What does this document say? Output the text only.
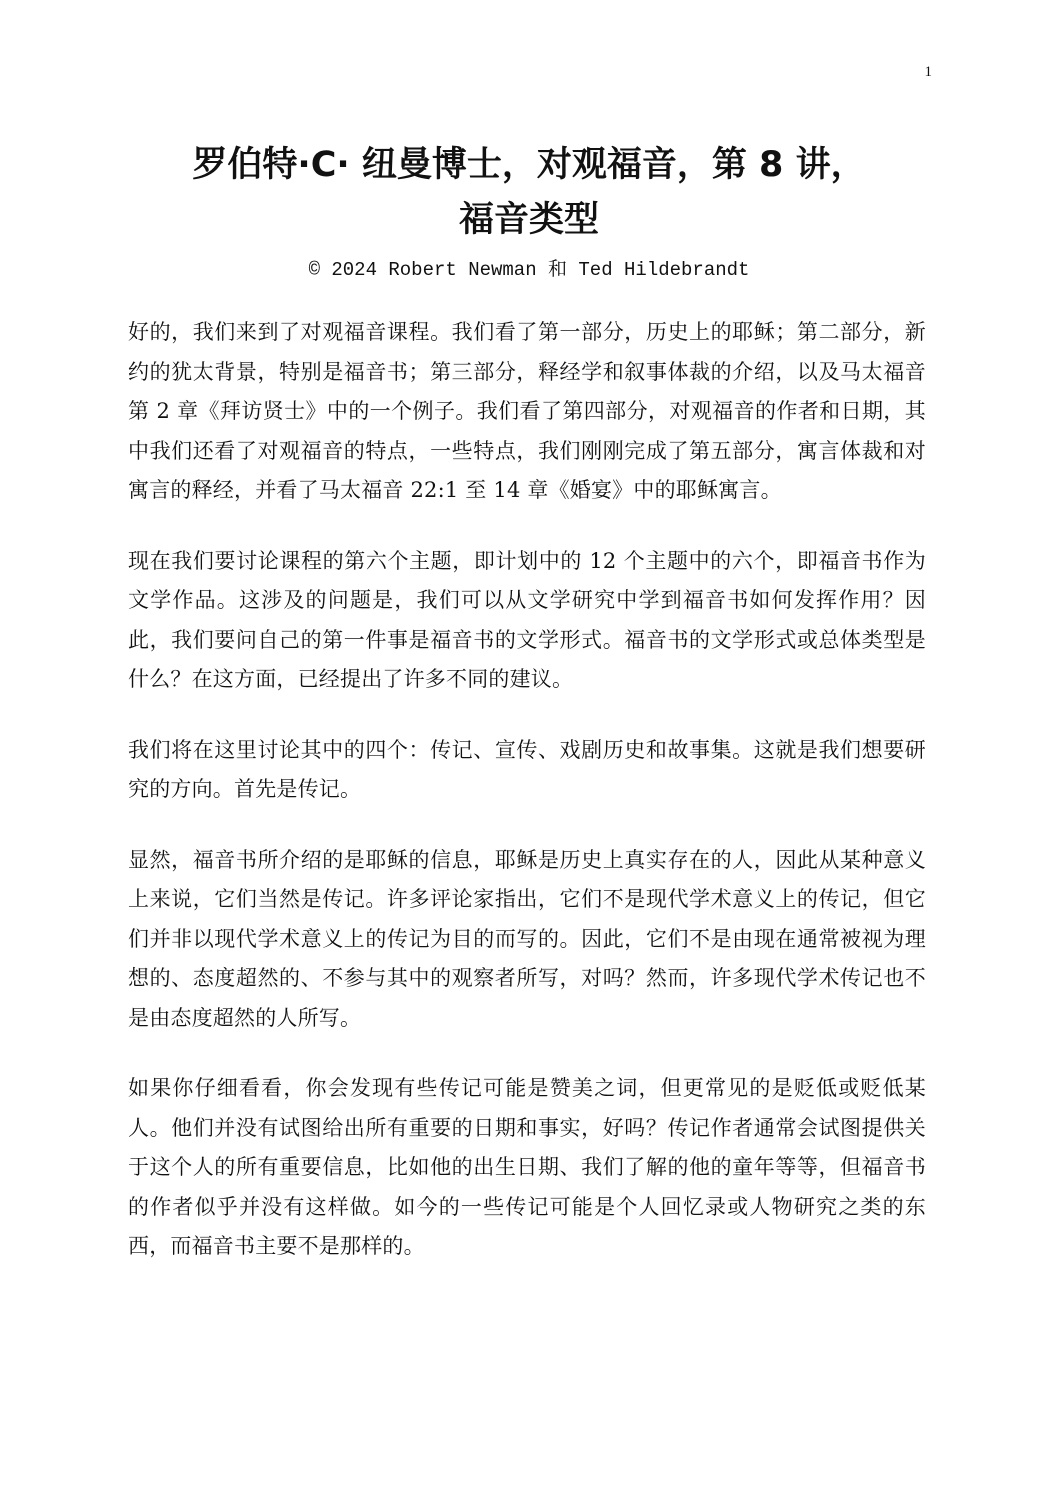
1
罗伯特·C· 纽曼博士，对观福音，第 8 讲，
福音类型
© 2024 Robert Newman 和 Ted Hildebrandt

好的，我们来到了对观福音课程。我们看了第一部分，历史上的耶稣；第二部分，新约的犹太背景，特别是福音书；第三部分，释经学和叙事体裁的介绍，以及马太福音第 2 章《拜访贤士》中的一个例子。我们看了第四部分，对观福音的作者和日期，其中我们还看了对观福音的特点，一些特点，我们刚刚完成了第五部分，寓言体裁和对寓言的释经，并看了马太福音 22:1 至 14 章《婚宴》中的耶稣寓言。

现在我们要讨论课程的第六个主题，即计划中的 12 个主题中的六个，即福音书作为文学作品。这涉及的问题是，我们可以从文学研究中学到福音书如何发挥作用？因此，我们要问自己的第一件事是福音书的文学形式。福音书的文学形式或总体类型是什么？在这方面，已经提出了许多不同的建议。

我们将在这里讨论其中的四个：传记、宣传、戏剧历史和故事集。这就是我们想要研究的方向。首先是传记。

显然，福音书所介绍的是耶稣的信息，耶稣是历史上真实存在的人，因此从某种意义上来说，它们当然是传记。许多评论家指出，它们不是现代学术意义上的传记，但它们并非以现代学术意义上的传记为目的而写的。因此，它们不是由现在通常被视为理想的、态度超然的、不参与其中的观察者所写，对吗？然而，许多现代学术传记也不是由态度超然的人所写。

如果你仔细看看，你会发现有些传记可能是赞美之词，但更常见的是贬低或贬低某人。他们并没有试图给出所有重要的日期和事实，好吗？传记作者通常会试图提供关于这个人的所有重要信息，比如他的出生日期、我们了解的他的童年等等，但福音书的作者似乎并没有这样做。如今的一些传记可能是个人回忆录或人物研究之类的东西，而福音书主要不是那样的。
